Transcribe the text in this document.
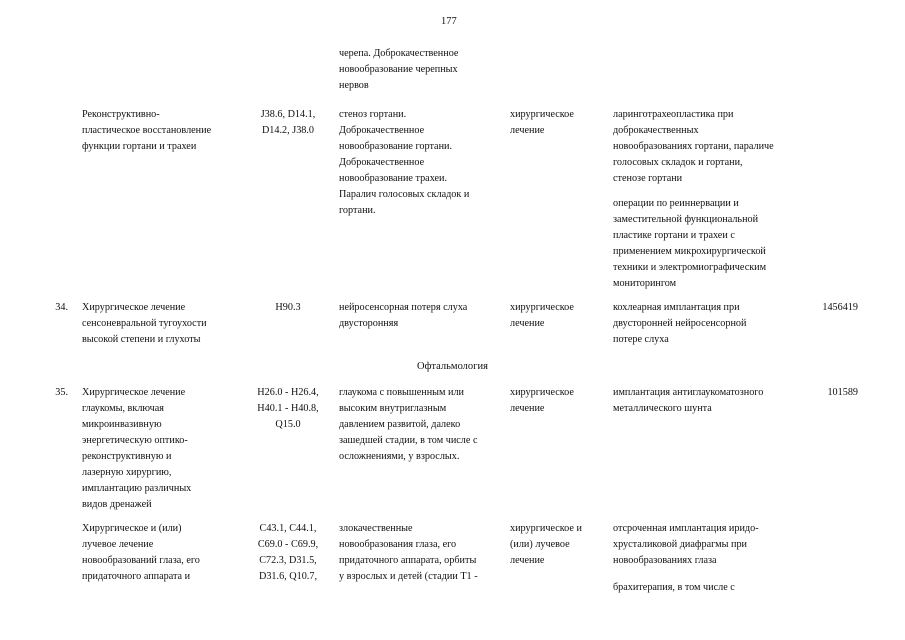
177
черепа. Доброкачественное
новообразование черепных
нервов
Реконструктивно-
пластическое восстановление
функции гортани и трахеи
J38.6, D14.1,
D14.2, J38.0
стеноз гортани.
Доброкачественное
новообразование гортани.
Доброкачественное
новообразование трахеи.
Паралич голосовых складок и
гортани.
хирургическое
лечение
ларинготрахеопластика при
доброкачественных
новообразованиях гортани, параличе
голосовых складок и гортани,
стенозе гортани
операции по реиннервации и
заместительной функциональной
пластике гортани и трахеи с
применением микрохирургической
техники и электромиографическим
мониторингом
34. Хирургическое лечение
сенсоневральной тугоухости
высокой степени и глухоты
H90.3	нейросенсорная потеря слуха
двусторонняя
хирургическое
лечение
кохлеарная имплантация при
двусторонней нейросенсорной
потере слуха
1456419
Офтальмология
35. Хирургическое лечение
глаукомы, включая
микроинвазивную
энергетическую оптико-
реконструктивную и
лазерную хирургию,
имплантацию различных
видов дренажей
H26.0 - H26.4,
H40.1 - H40.8,
Q15.0
глаукома с повышенным или
высоким внутриглазным
давлением развитой, далеко
зашедшей стадии, в том числе с
осложнениями, у взрослых.
хирургическое
лечение
имплантация антиглаукоматозного
металлического шунта
101589
Хирургическое и (или)
лучевое лечение
новообразований глаза, его
придаточного аппарата и
C43.1, C44.1,
C69.0 - C69.9,
C72.3, D31.5,
D31.6, Q10.7,
злокачественные
новообразования глаза, его
придаточного аппарата, орбиты
у взрослых и детей (стадии T1 -
хирургическое и
(или) лучевое
лечение
отсроченная имплантация иридо-
хрусталиковой диафрагмы при
новообразованиях глаза
брахитерапия, в том числе с
